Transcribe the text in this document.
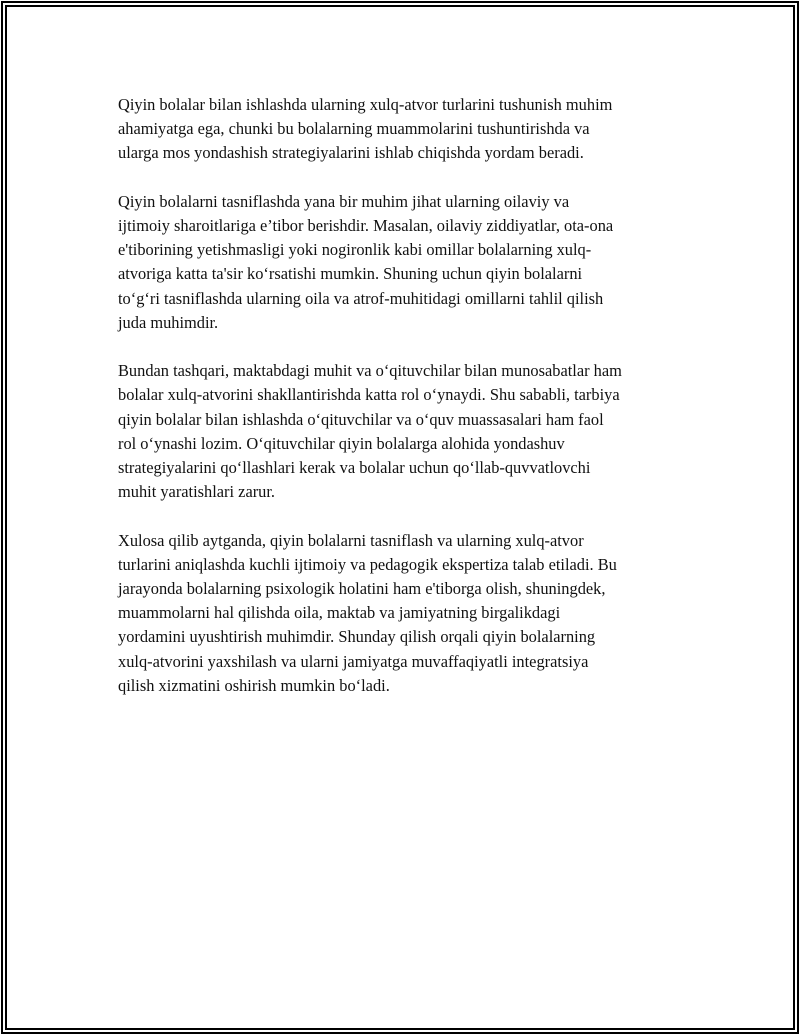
Qiyin bolalar bilan ishlashda ularning xulq-atvor turlarini tushunish muhim
ahamiyatga ega, chunki bu bolalarning muammolarini tushuntirishda va
ularga mos yondashish strategiyalarini ishlab chiqishda yordam beradi.

Qiyin bolalarni tasniflashda yana bir muhim jihat ularning oilaviy va
ijtimoiy sharoitlariga e’tibor berishdir. Masalan, oilaviy ziddiyatlar, ota-ona
e'tiborining yetishmasligi yoki nogironlik kabi omillar bolalarning xulq-
atvoriga katta ta'sir ko‘rsatishi mumkin. Shuning uchun qiyin bolalarni
to‘g‘ri tasniflashda ularning oila va atrof-muhitidagi omillarni tahlil qilish
juda muhimdir.

Bundan tashqari, maktabdagi muhit va o‘qituvchilar bilan munosabatlar ham
bolalar xulq-atvorini shakllantirishda katta rol o‘ynaydi. Shu sababli, tarbiya
qiyin bolalar bilan ishlashda o‘qituvchilar va o‘quv muassasalari ham faol
rol o‘ynashi lozim. O‘qituvchilar qiyin bolalarga alohida yondashuv
strategiyalarini qo‘llashlari kerak va bolalar uchun qo‘llab-quvvatlovchi
muhit yaratishlari zarur.

Xulosa qilib aytganda, qiyin bolalarni tasniflash va ularning xulq-atvor
turlarini aniqlashda kuchli ijtimoiy va pedagogik ekspertiza talab etiladi. Bu
jarayonda bolalarning psixologik holatini ham e'tiborga olish, shuningdek,
muammolarni hal qilishda oila, maktab va jamiyatning birgalikdagi
yordamini uyushtirish muhimdir. Shunday qilish orqali qiyin bolalarning
xulq-atvorini yaxshilash va ularni jamiyatga muvaffaqiyatli integratsiya
qilish xizmatini oshirish mumkin bo‘ladi.
